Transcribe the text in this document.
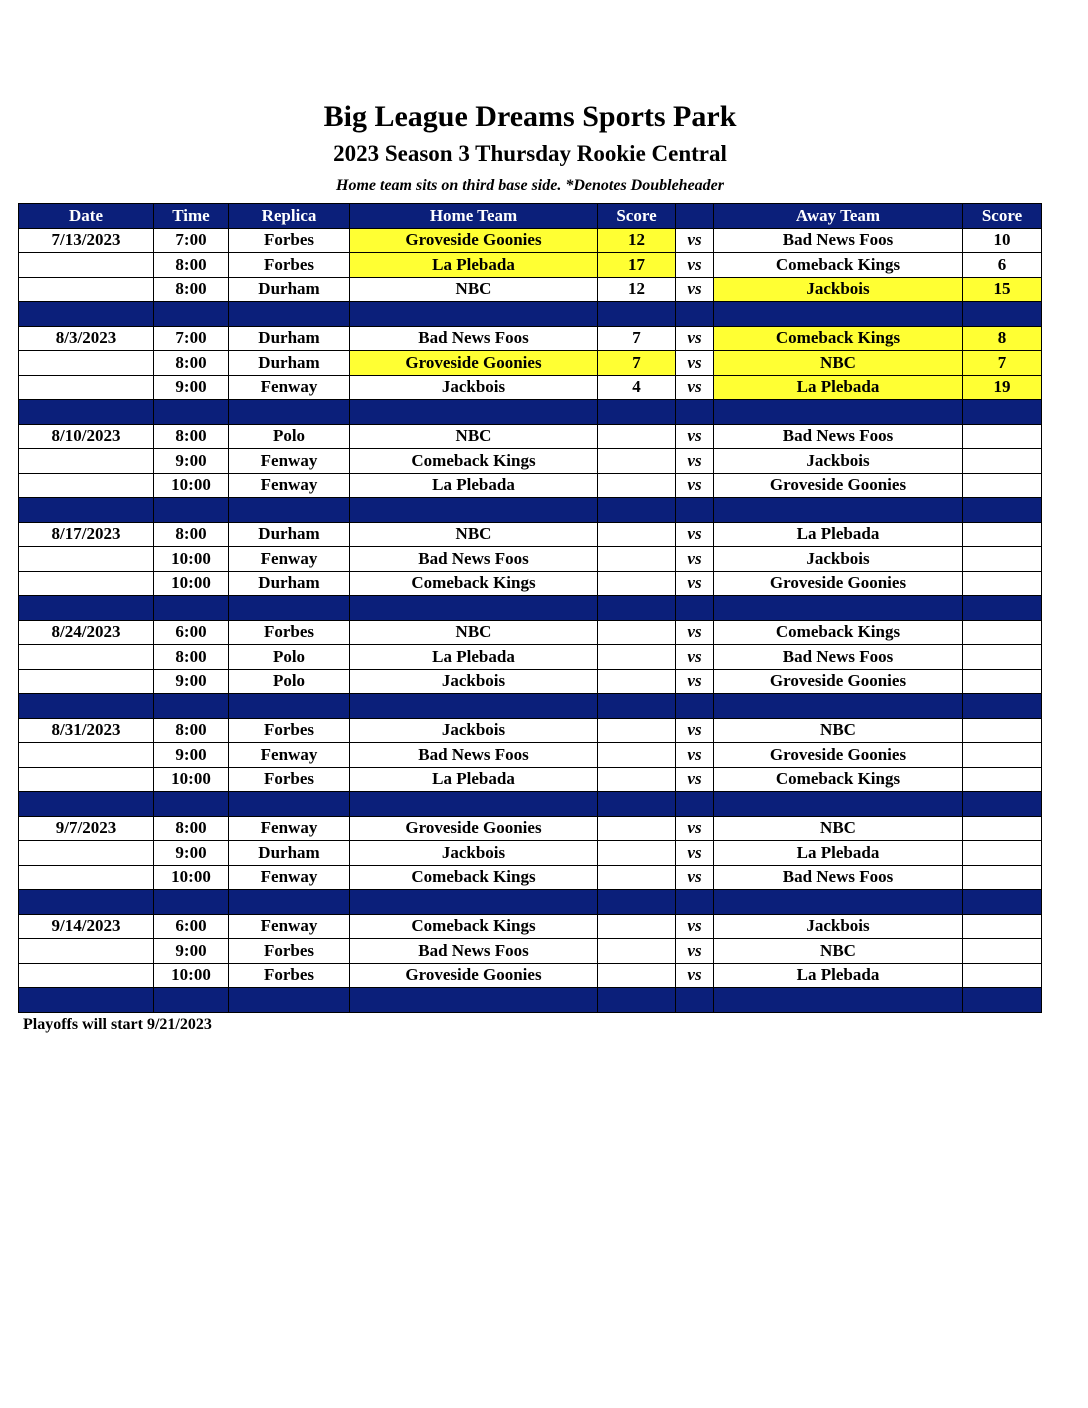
Big League Dreams Sports Park
2023 Season 3 Thursday Rookie Central
Home team sits on third base side. *Denotes Doubleheader
Date	Time	Replica	Home Team	Score		Away Team	Score
7/13/2023	7:00	Forbes	Groveside Goonies	12	vs	Bad News Foos	10
	8:00	Forbes	La Plebada	17	vs	Comeback Kings	6
	8:00	Durham	NBC	12	vs	Jackbois	15

8/3/2023	7:00	Durham	Bad News Foos	7	vs	Comeback Kings	8
	8:00	Durham	Groveside Goonies	7	vs	NBC	7
	9:00	Fenway	Jackbois	4	vs	La Plebada	19

8/10/2023	8:00	Polo	NBC		vs	Bad News Foos	
	9:00	Fenway	Comeback Kings		vs	Jackbois	
	10:00	Fenway	La Plebada		vs	Groveside Goonies	

8/17/2023	8:00	Durham	NBC		vs	La Plebada	
	10:00	Fenway	Bad News Foos		vs	Jackbois	
	10:00	Durham	Comeback Kings		vs	Groveside Goonies	

8/24/2023	6:00	Forbes	NBC		vs	Comeback Kings	
	8:00	Polo	La Plebada		vs	Bad News Foos	
	9:00	Polo	Jackbois		vs	Groveside Goonies	

8/31/2023	8:00	Forbes	Jackbois		vs	NBC	
	9:00	Fenway	Bad News Foos		vs	Groveside Goonies	
	10:00	Forbes	La Plebada		vs	Comeback Kings	

9/7/2023	8:00	Fenway	Groveside Goonies		vs	NBC	
	9:00	Durham	Jackbois		vs	La Plebada	
	10:00	Fenway	Comeback Kings		vs	Bad News Foos	

9/14/2023	6:00	Fenway	Comeback Kings		vs	Jackbois	
	9:00	Forbes	Bad News Foos		vs	NBC	
	10:00	Forbes	Groveside Goonies		vs	La Plebada	

Playoffs will start 9/21/2023
